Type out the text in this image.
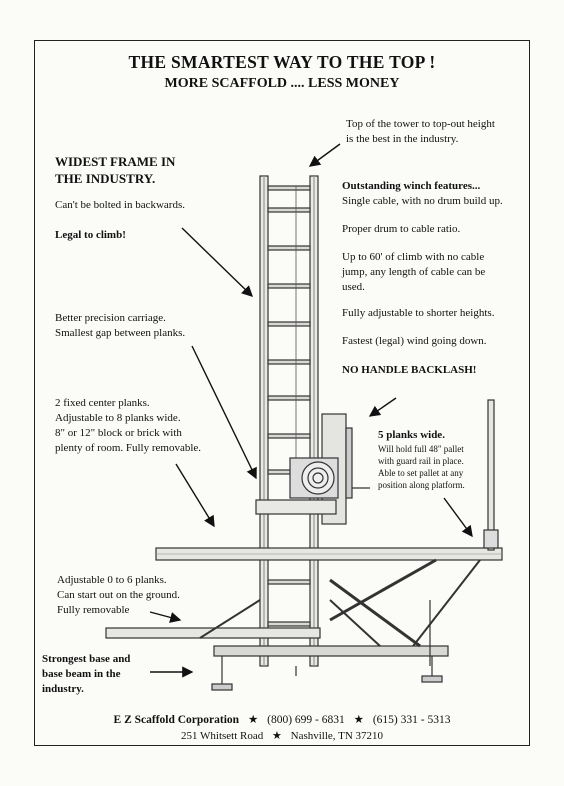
THE SMARTEST WAY TO THE TOP !
MORE SCAFFOLD .... LESS MONEY
WIDEST FRAME IN
THE INDUSTRY.
Can't be bolted in backwards.
Legal to climb!
Better precision carriage.
Smallest gap between planks.
2 fixed center planks.
Adjustable to 8 planks wide.
8" or 12" block or brick with
plenty of room. Fully removable.
Adjustable 0 to 6 planks.
Can start out on the ground.
Fully removable
Strongest base and
base beam in the
industry.
Top of the tower to top-out height
is the best in the industry.
Outstanding winch features...
Single cable, with no drum build up.
Proper drum to cable ratio.
Up to 60' of climb with no cable
jump, any length of cable can be
used.
Fully adjustable to shorter heights.
Fastest (legal) wind going down.
NO HANDLE BACKLASH!
5 planks wide.
Will hold full 48" pallet
with guard rail in place.
Able to set pallet at any
position along platform.
E Z Scaffold Corporation ★ (800) 699 - 6831 ★ (615) 331 - 5313
251 Whitsett Road ★ Nashville, TN 37210
